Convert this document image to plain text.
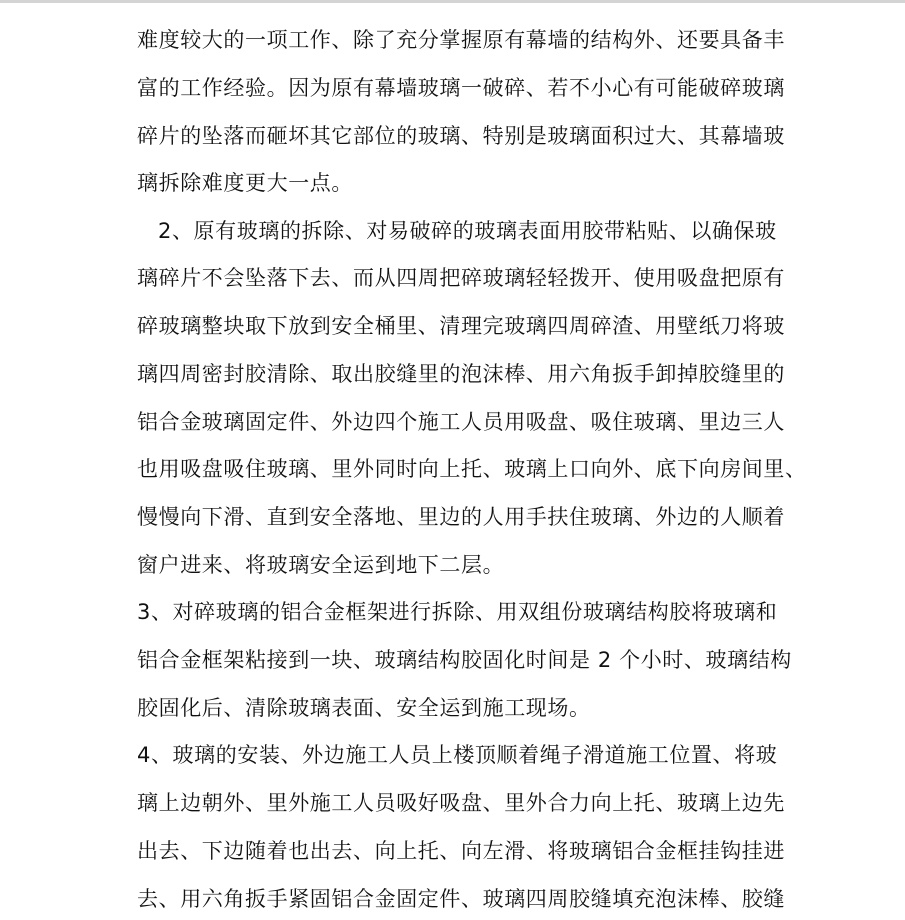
难度较大的一项工作、除了充分掌握原有幕墙的结构外、还要具备丰
富的工作经验。因为原有幕墙玻璃一破碎、若不小心有可能破碎玻璃
碎片的坠落而砸坏其它部位的玻璃、特别是玻璃面积过大、其幕墙玻
璃拆除难度更大一点。
2、原有玻璃的拆除、对易破碎的玻璃表面用胶带粘贴、以确保玻
璃碎片不会坠落下去、而从四周把碎玻璃轻轻拨开、使用吸盘把原有
碎玻璃整块取下放到安全桶里、清理完玻璃四周碎渣、用壁纸刀将玻
璃四周密封胶清除、取出胶缝里的泡沫棒、用六角扳手卸掉胶缝里的
铝合金玻璃固定件、外边四个施工人员用吸盘、吸住玻璃、里边三人
也用吸盘吸住玻璃、里外同时向上托、玻璃上口向外、底下向房间里、
慢慢向下滑、直到安全落地、里边的人用手扶住玻璃、外边的人顺着
窗户进来、将玻璃安全运到地下二层。
3、对碎玻璃的铝合金框架进行拆除、用双组份玻璃结构胶将玻璃和
铝合金框架粘接到一块、玻璃结构胶固化时间是 2 个小时、玻璃结构
胶固化后、清除玻璃表面、安全运到施工现场。
4、玻璃的安装、外边施工人员上楼顶顺着绳子滑道施工位置、将玻
璃上边朝外、里外施工人员吸好吸盘、里外合力向上托、玻璃上边先
出去、下边随着也出去、向上托、向左滑、将玻璃铝合金框挂钩挂进
去、用六角扳手紧固铝合金固定件、玻璃四周胶缝填充泡沫棒、胶缝
